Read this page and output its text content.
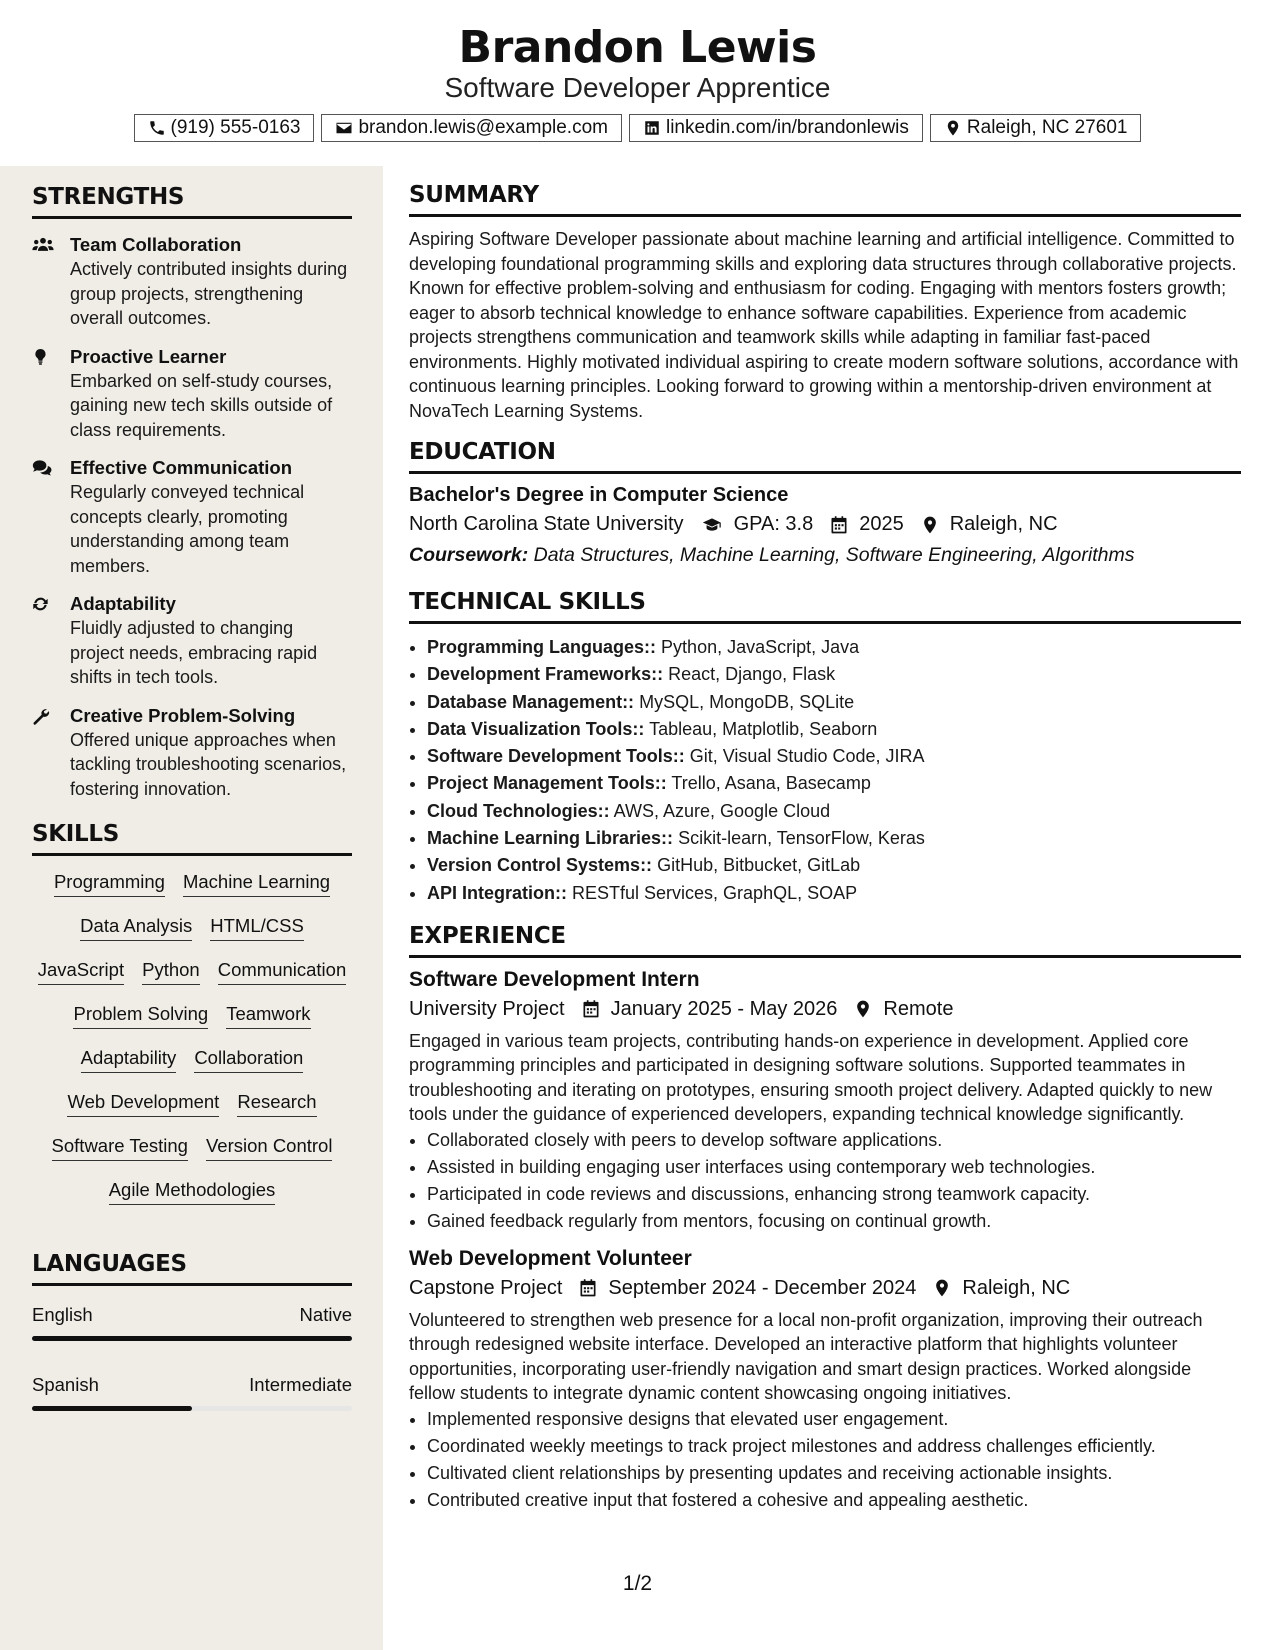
Brandon Lewis
Software Developer Apprentice
(919) 555-0163	brandon.lewis@example.com	linkedin.com/in/brandonlewis	Raleigh, NC 27601
STRENGTHS
Team Collaboration
Actively contributed insights during group projects, strengthening overall outcomes.
Proactive Learner
Embarked on self-study courses, gaining new tech skills outside of class requirements.
Effective Communication
Regularly conveyed technical concepts clearly, promoting understanding among team members.
Adaptability
Fluidly adjusted to changing project needs, embracing rapid shifts in tech tools.
Creative Problem-Solving
Offered unique approaches when tackling troubleshooting scenarios, fostering innovation.
SKILLS
Programming Machine Learning
Data Analysis HTML/CSS
JavaScript Python Communication
Problem Solving Teamwork
Adaptability Collaboration
Web Development Research
Software Testing Version Control
Agile Methodologies
LANGUAGES
English	Native
Spanish	Intermediate
SUMMARY

Aspiring Software Developer passionate about machine learning and artificial intelligence. Committed to developing foundational programming skills and exploring data structures through collaborative projects. Known for effective problem-solving and enthusiasm for coding. Engaging with mentors fosters growth; eager to absorb technical knowledge to enhance software capabilities. Experience from academic projects strengthens communication and teamwork skills while adapting in familiar fast-paced environments. Highly motivated individual aspiring to create modern software solutions, accordance with continuous learning principles. Looking forward to growing within a mentorship-driven environment at NovaTech Learning Systems.

EDUCATION
Bachelor's Degree in Computer Science
North Carolina State University	GPA: 3.8 2025 Raleigh, NC
Coursework: Data Structures, Machine Learning, Software Engineering, Algorithms
TECHNICAL SKILLS
• Programming Languages:: Python, JavaScript, Java
• Development Frameworks:: React, Django, Flask
• Database Management:: MySQL, MongoDB, SQLite
• Data Visualization Tools:: Tableau, Matplotlib, Seaborn
• Software Development Tools:: Git, Visual Studio Code, JIRA
• Project Management Tools:: Trello, Asana, Basecamp
• Cloud Technologies:: AWS, Azure, Google Cloud
• Machine Learning Libraries:: Scikit-learn, TensorFlow, Keras
• Version Control Systems:: GitHub, Bitbucket, GitLab
• API Integration:: RESTful Services, GraphQL, SOAP
EXPERIENCE
Software Development Intern
University Project January 2025 - May 2026 Remote
Engaged in various team projects, contributing hands-on experience in development. Applied core programming principles and participated in designing software solutions. Supported teammates in troubleshooting and iterating on prototypes, ensuring smooth project delivery. Adapted quickly to new tools under the guidance of experienced developers, expanding technical knowledge significantly.
• Collaborated closely with peers to develop software applications.
• Assisted in building engaging user interfaces using contemporary web technologies.
• Participated in code reviews and discussions, enhancing strong teamwork capacity.
• Gained feedback regularly from mentors, focusing on continual growth.
Web Development Volunteer
Capstone Project September 2024 - December 2024 Raleigh, NC
Volunteered to strengthen web presence for a local non-profit organization, improving their outreach through redesigned website interface. Developed an interactive platform that highlights volunteer opportunities, incorporating user-friendly navigation and smart design practices. Worked alongside fellow students to integrate dynamic content showcasing ongoing initiatives.
• Implemented responsive designs that elevated user engagement.
• Coordinated weekly meetings to track project milestones and address challenges efficiently.
• Cultivated client relationships by presenting updates and receiving actionable insights.
• Contributed creative input that fostered a cohesive and appealing aesthetic.
1/2
